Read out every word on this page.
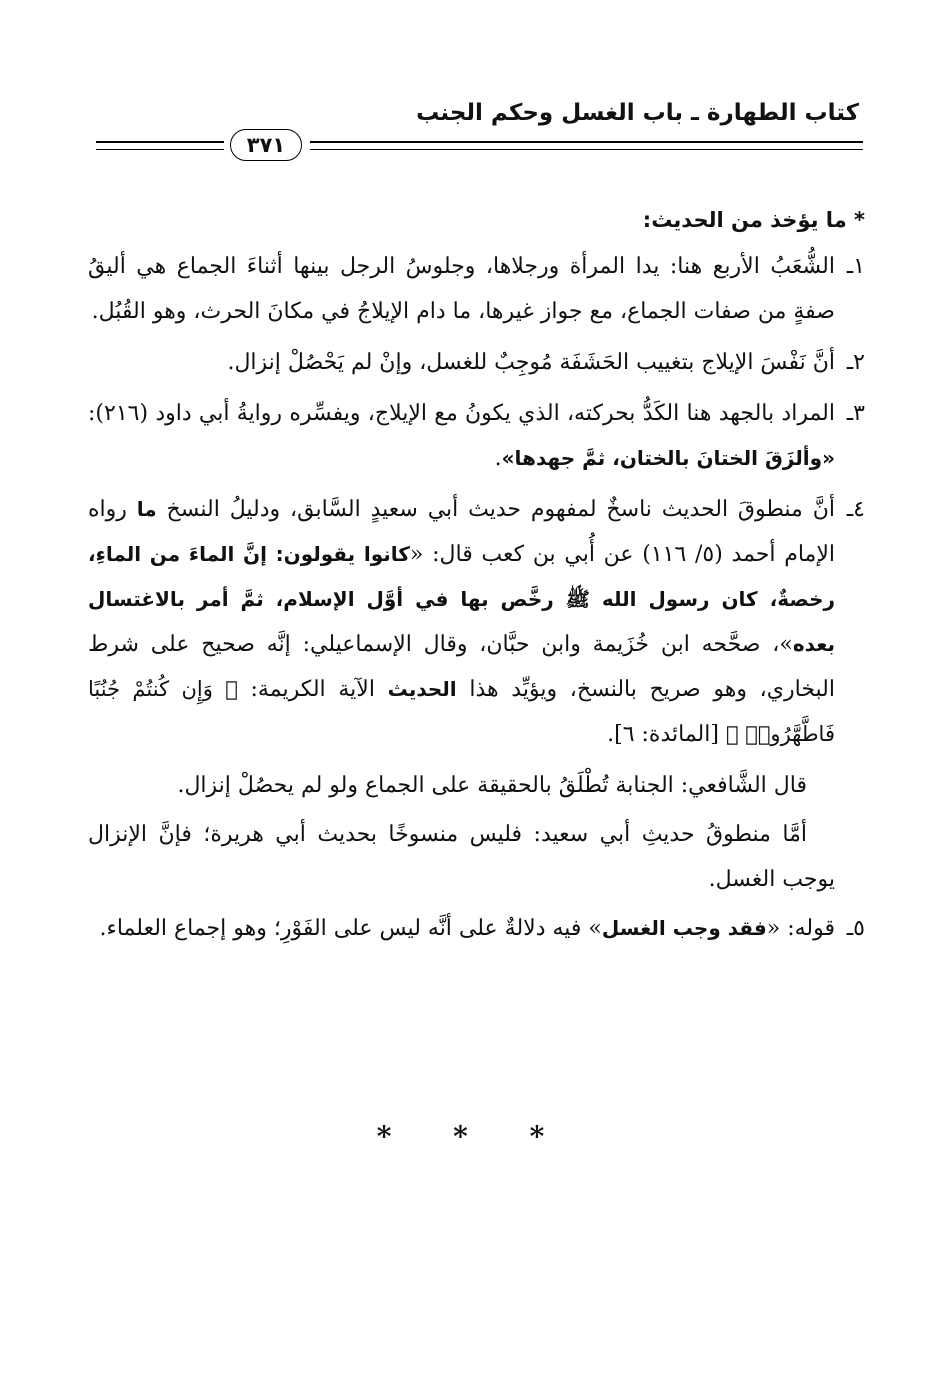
كتاب الطهارة ـ باب الغسل وحكم الجنب
٣٧١
* ما يؤخذ من الحديث:
١ـ
الشُّعَبُ الأربع هنا: يدا المرأة ورجلاها، وجلوسُ الرجل بينها أثناءَ الجماع هي أليقُ صفةٍ من صفات الجماع، مع جواز غيرها، ما دام الإيلاجُ في مكانَ الحرث، وهو القُبُل.
٢ـ
أنَّ نَفْسَ الإيلاج بتغييب الحَشَفَة مُوجِبٌ للغسل، وإنْ لم يَحْصُلْ إنزال.
٣ـ
المراد بالجهد هنا الكَدُّ بحركته، الذي يكونُ مع الإيلاج، ويفسِّره روايةُ أبي داود (٢١٦): «وألزَقَ الختانَ بالختان، ثمَّ جهدها».
٤ـ
أنَّ منطوقَ الحديث ناسخٌ لمفهوم حديث أبي سعيدٍ السَّابق، ودليلُ النسخ ما رواه الإمام أحمد (٥/ ١١٦) عن أُبي بن كعب قال: «كانوا يقولون: إنَّ الماءَ من الماءِ، رخصةٌ، كان رسول الله ﷺ رخَّص بها في أوَّل الإسلام، ثمَّ أمر بالاغتسال بعده»، صحَّحه ابن خُزَيمة وابن حبَّان، وقال الإسماعيلي: إنَّه صحيح على شرط البخاري، وهو صريح بالنسخ، ويؤيِّد هذا الحديث الآية الكريمة: ﴿ وَإِن كُنتُمْ جُنُبًا فَاطَّهَّرُوا۟ ﴾ [المائدة: ٦].
قال الشَّافعي: الجنابة تُطْلَقُ بالحقيقة على الجماع ولو لم يحصُلْ إنزال.
أمَّا منطوقُ حديثِ أبي سعيد: فليس منسوخًا بحديث أبي هريرة؛ فإنَّ الإنزال يوجب الغسل.
٥ـ
قوله: «فقد وجب الغسل» فيه دلالةٌ على أنَّه ليس على الفَوْرِ؛ وهو إجماع العلماء.
* * *
